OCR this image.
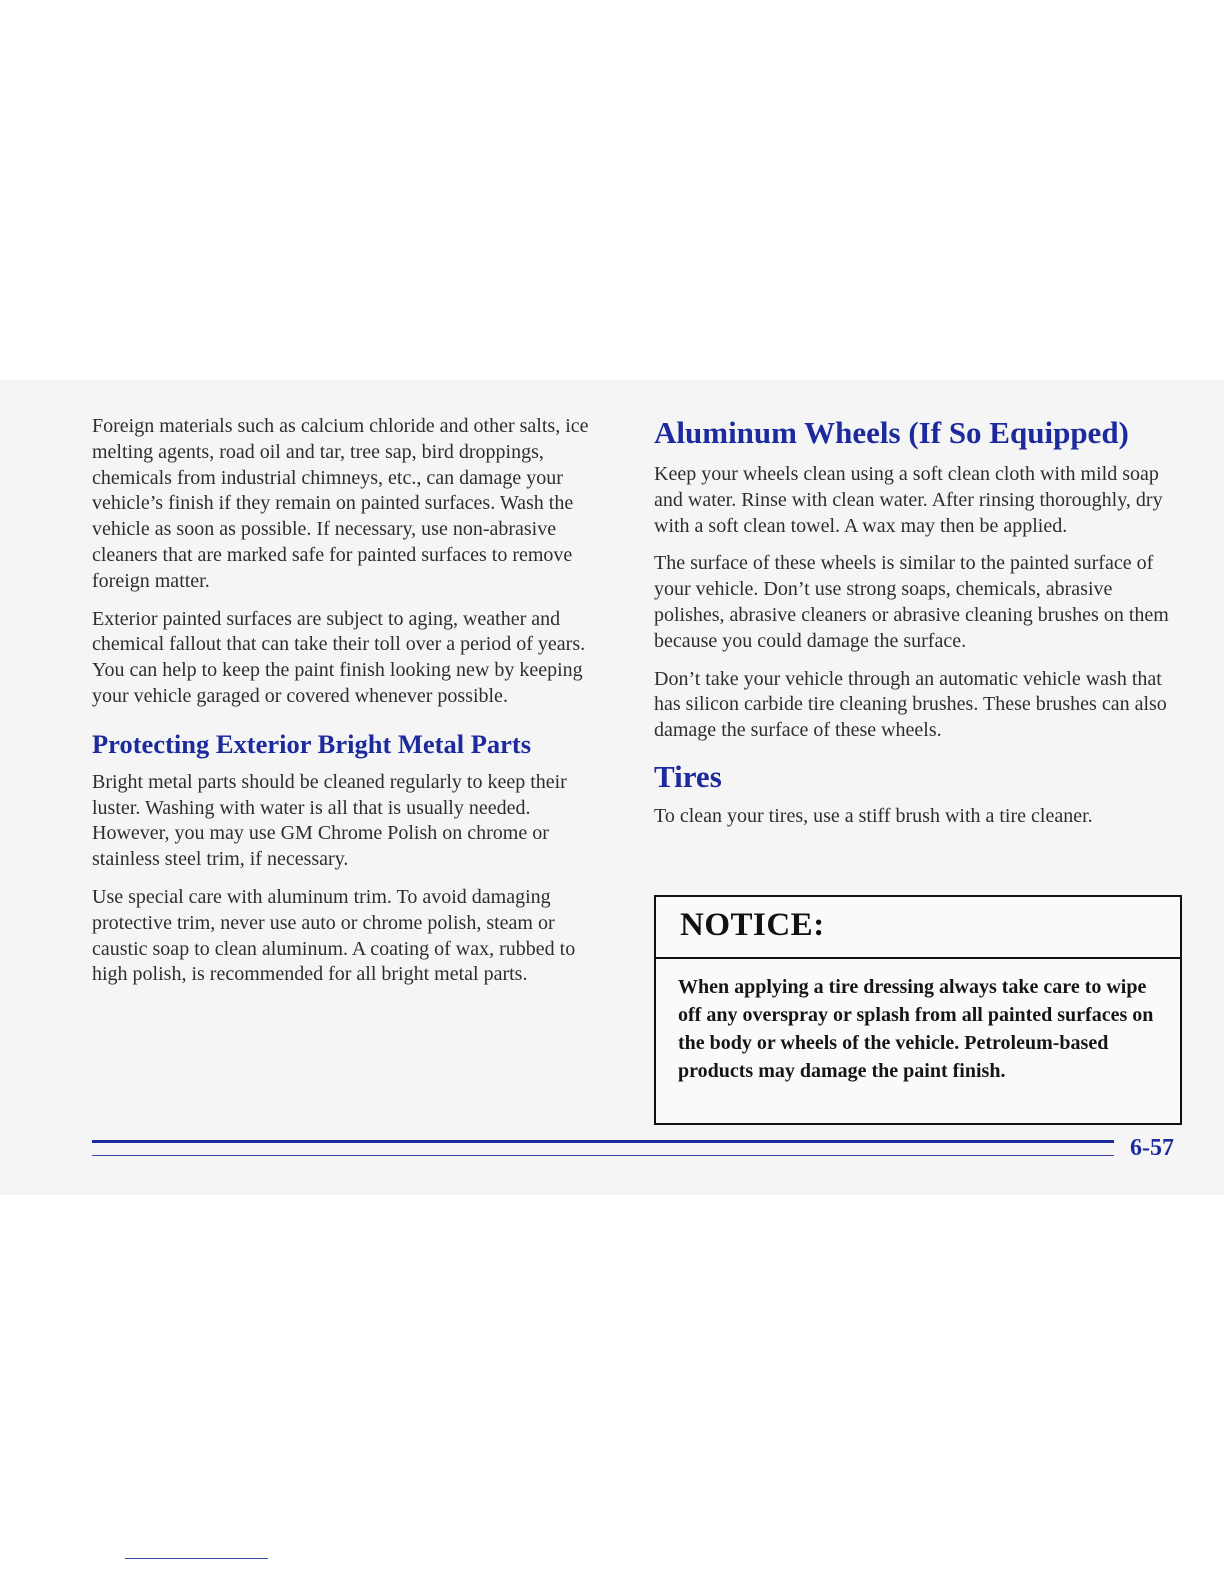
Foreign materials such as calcium chloride and other salts, ice melting agents, road oil and tar, tree sap, bird droppings, chemicals from industrial chimneys, etc., can damage your vehicle’s finish if they remain on painted surfaces. Wash the vehicle as soon as possible. If necessary, use non-abrasive cleaners that are marked safe for painted surfaces to remove foreign matter.

Exterior painted surfaces are subject to aging, weather and chemical fallout that can take their toll over a period of years. You can help to keep the paint finish looking new by keeping your vehicle garaged or covered whenever possible.

Protecting Exterior Bright Metal Parts

Bright metal parts should be cleaned regularly to keep their luster. Washing with water is all that is usually needed. However, you may use GM Chrome Polish on chrome or stainless steel trim, if necessary.

Use special care with aluminum trim. To avoid damaging protective trim, never use auto or chrome polish, steam or caustic soap to clean aluminum. A coating of wax, rubbed to high polish, is recommended for all bright metal parts.

Aluminum Wheels (If So Equipped)

Keep your wheels clean using a soft clean cloth with mild soap and water. Rinse with clean water. After rinsing thoroughly, dry with a soft clean towel. A wax may then be applied.

The surface of these wheels is similar to the painted surface of your vehicle. Don’t use strong soaps, chemicals, abrasive polishes, abrasive cleaners or abrasive cleaning brushes on them because you could damage the surface.

Don’t take your vehicle through an automatic vehicle wash that has silicon carbide tire cleaning brushes. These brushes can also damage the surface of these wheels.

Tires

To clean your tires, use a stiff brush with a tire cleaner.

NOTICE:
When applying a tire dressing always take care to wipe off any overspray or splash from all painted surfaces on the body or wheels of the vehicle. Petroleum-based products may damage the paint finish.
6-57
